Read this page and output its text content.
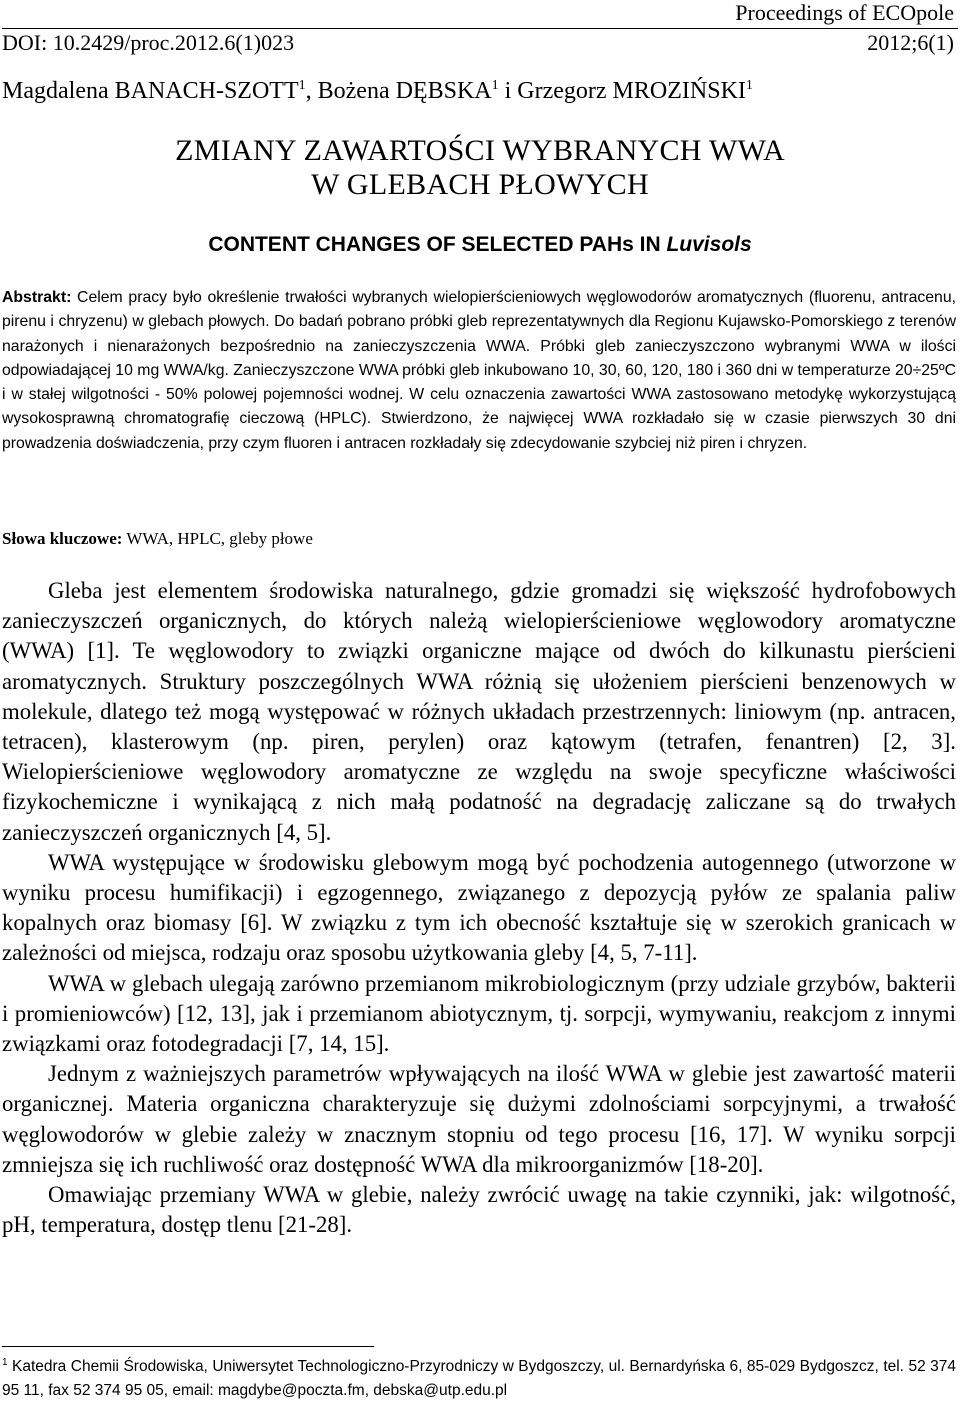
Proceedings of ECOpole
DOI: 10.2429/proc.2012.6(1)023	2012;6(1)
Magdalena BANACH-SZOTT$^1$, Bożena DĘBSKA$^1$ i Grzegorz MROZIŃSKI$^1$
ZMIANY ZAWARTOŚCI WYBRANYCH WWA
W GLEBACH PŁOWYCH
CONTENT CHANGES OF SELECTED PAHs IN Luvisols
Abstrakt: Celem pracy było określenie trwałości wybranych wielopierścieniowych węglowodorów aromatycznych (fluorenu, antracenu, pirenu i chryzenu) w glebach płowych. Do badań pobrano próbki gleb reprezentatywnych dla Regionu Kujawsko-Pomorskiego z terenów narażonych i nienarażonych bezpośrednio na zanieczyszczenia WWA. Próbki gleb zanieczyszczono wybranymi WWA w ilości odpowiadającej 10 mg WWA/kg. Zanieczyszczone WWA próbki gleb inkubowano 10, 30, 60, 120, 180 i 360 dni w temperaturze 20÷25ºC i w stałej wilgotności - 50% polowej pojemności wodnej. W celu oznaczenia zawartości WWA zastosowano metodykę wykorzystującą wysokosprawną chromatografię cieczową (HPLC). Stwierdzono, że najwięcej WWA rozkładało się w czasie pierwszych 30 dni prowadzenia doświadczenia, przy czym fluoren i antracen rozkładały się zdecydowanie szybciej niż piren i chryzen.
Słowa kluczowe: WWA, HPLC, gleby płowe

Gleba jest elementem środowiska naturalnego, gdzie gromadzi się większość hydrofobowych zanieczyszczeń organicznych, do których należą wielopierścieniowe węglowodory aromatyczne (WWA) [1]. Te węglowodory to związki organiczne mające od dwóch do kilkunastu pierścieni aromatycznych. Struktury poszczególnych WWA różnią się ułożeniem pierścieni benzenowych w molekule, dlatego też mogą występować w różnych układach przestrzennych: liniowym (np. antracen, tetracen), klasterowym (np. piren, perylen) oraz kątowym (tetrafen, fenantren) [2, 3]. Wielopierścieniowe węglowodory aromatyczne ze względu na swoje specyficzne właściwości fizykochemiczne i wynikającą z nich małą podatność na degradację zaliczane są do trwałych zanieczyszczeń organicznych [4, 5].

WWA występujące w środowisku glebowym mogą być pochodzenia autogennego (utworzone w wyniku procesu humifikacji) i egzogennego, związanego z depozycją pyłów ze spalania paliw kopalnych oraz biomasy [6]. W związku z tym ich obecność kształtuje się w szerokich granicach w zależności od miejsca, rodzaju oraz sposobu użytkowania gleby [4, 5, 7-11].

WWA w glebach ulegają zarówno przemianom mikrobiologicznym (przy udziale grzybów, bakterii i promieniowców) [12, 13], jak i przemianom abiotycznym, tj. sorpcji, wymywaniu, reakcjom z innymi związkami oraz fotodegradacji [7, 14, 15].

Jednym z ważniejszych parametrów wpływających na ilość WWA w glebie jest zawartość materii organicznej. Materia organiczna charakteryzuje się dużymi zdolnościami sorpcyjnymi, a trwałość węglowodorów w glebie zależy w znacznym stopniu od tego procesu [16, 17]. W wyniku sorpcji zmniejsza się ich ruchliwość oraz dostępność WWA dla mikroorganizmów [18-20].

Omawiając przemiany WWA w glebie, należy zwrócić uwagę na takie czynniki, jak: wilgotność, pH, temperatura, dostęp tlenu [21-28].

$^1$ Katedra Chemii Środowiska, Uniwersytet Technologiczno-Przyrodniczy w Bydgoszczy, ul. Bernardyńska 6, 85-029 Bydgoszcz, tel. 52 374 95 11, fax 52 374 95 05, email: magdybe@poczta.fm, debska@utp.edu.pl
